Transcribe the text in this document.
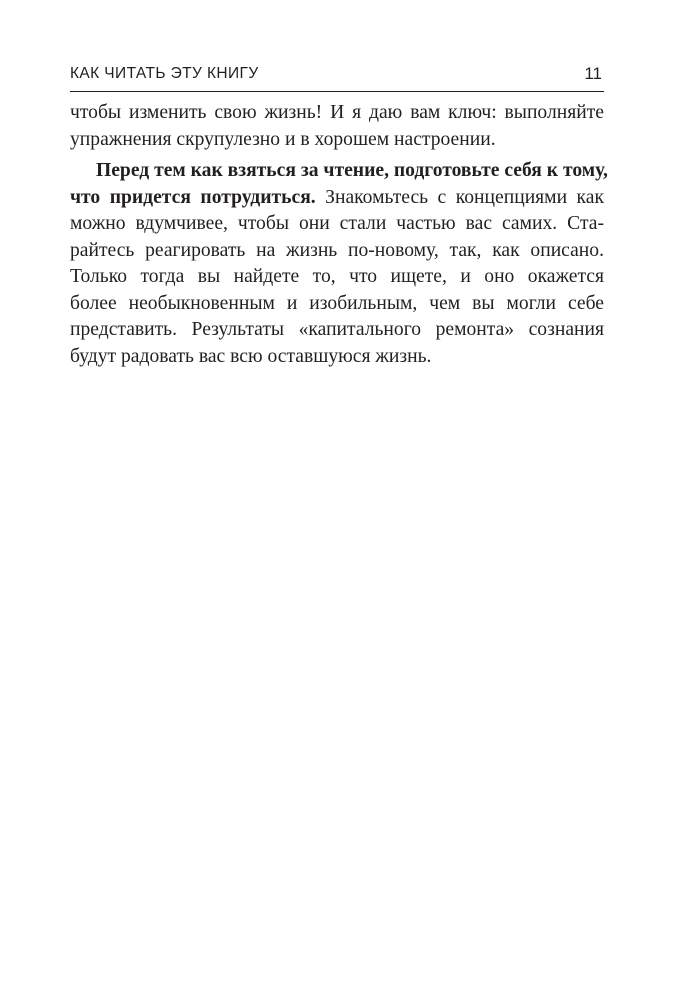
КАК ЧИТАТЬ ЭТУ КНИГУ	11
чтобы изменить свою жизнь! И я даю вам ключ: выполняйте
упражнения скрупулезно и в хорошем настроении.
Перед тем как взяться за чтение, подготовьте себя к тому,
что придется потрудиться. Знакомьтесь с концепциями как
можно вдумчивее, чтобы они стали частью вас самих. Ста-
райтесь реагировать на жизнь по-новому, так, как описано.
Только тогда вы найдете то, что ищете, и оно окажется
более необыкновенным и изобильным, чем вы могли себе
представить. Результаты «капитального ремонта» сознания
будут радовать вас всю оставшуюся жизнь.
